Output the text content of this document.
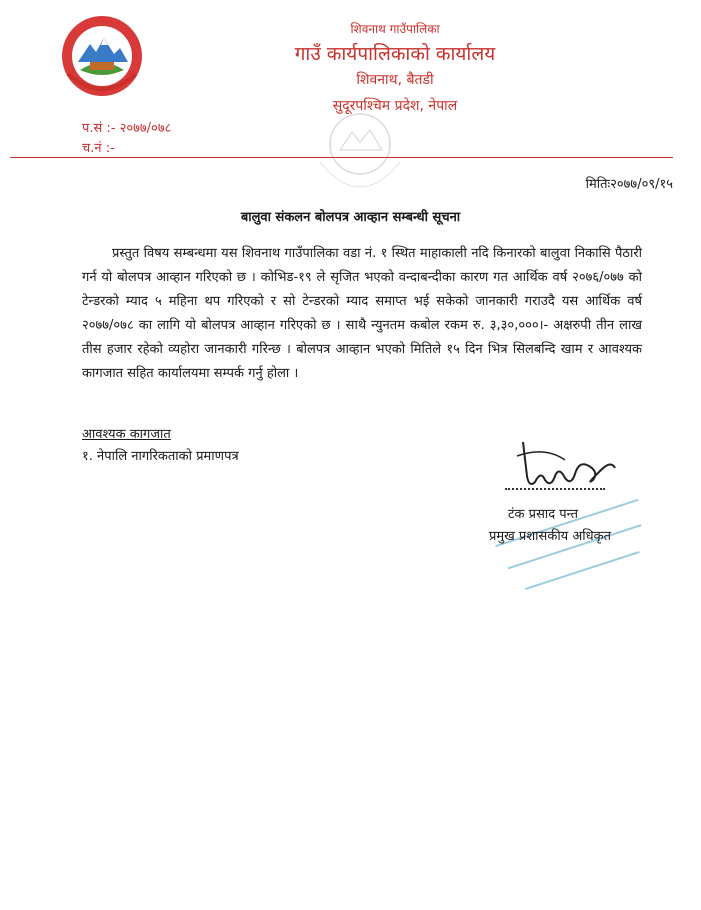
शिवनाथ गाउँपालिका
गाउँ कार्यपालिकाको कार्यालय
शिवनाथ, बैतडी
सुदूरपश्चिम प्रदेश, नेपाल
प.सं :- २०७७/०७८
च.नं :-
मितिः२०७७/०९/१५
बालुवा संकलन बोलपत्र आव्हान सम्बन्धी सूचना
प्रस्तुत विषय सम्बन्धमा यस शिवनाथ गाउँपालिका वडा नं. १ स्थित माहाकाली नदि किनारको बालुवा निकासि पैठारी गर्न यो बोलपत्र आव्हान गरिएको छ । कोभिड-१९ ले सृजित भएको वन्दाबन्दीका कारण गत आर्थिक वर्ष २०७६/०७७ को टेन्डरको म्याद ५ महिना थप गरिएको र सो टेन्डरको म्याद समाप्त भई सकेको जानकारी गराउदै यस आर्थिक वर्ष २०७७/०७८ का लागि यो बोलपत्र आव्हान गरिएको छ । साथै न्युनतम कबोल रकम रु. ३,३०,०००।- अक्षरुपी तीन लाख तीस हजार रहेको व्यहोरा जानकारी गरिन्छ । बोलपत्र आव्हान भएको मितिले १५ दिन भित्र सिलबन्दि खाम र आवश्यक कागजात सहित कार्यालयमा सम्पर्क गर्नु होला ।
आवश्यक कागजात
१. नेपालि नागरिकताको प्रमाणपत्र
टंक प्रसाद पन्त
प्रमुख प्रशासकीय अधिकृत
